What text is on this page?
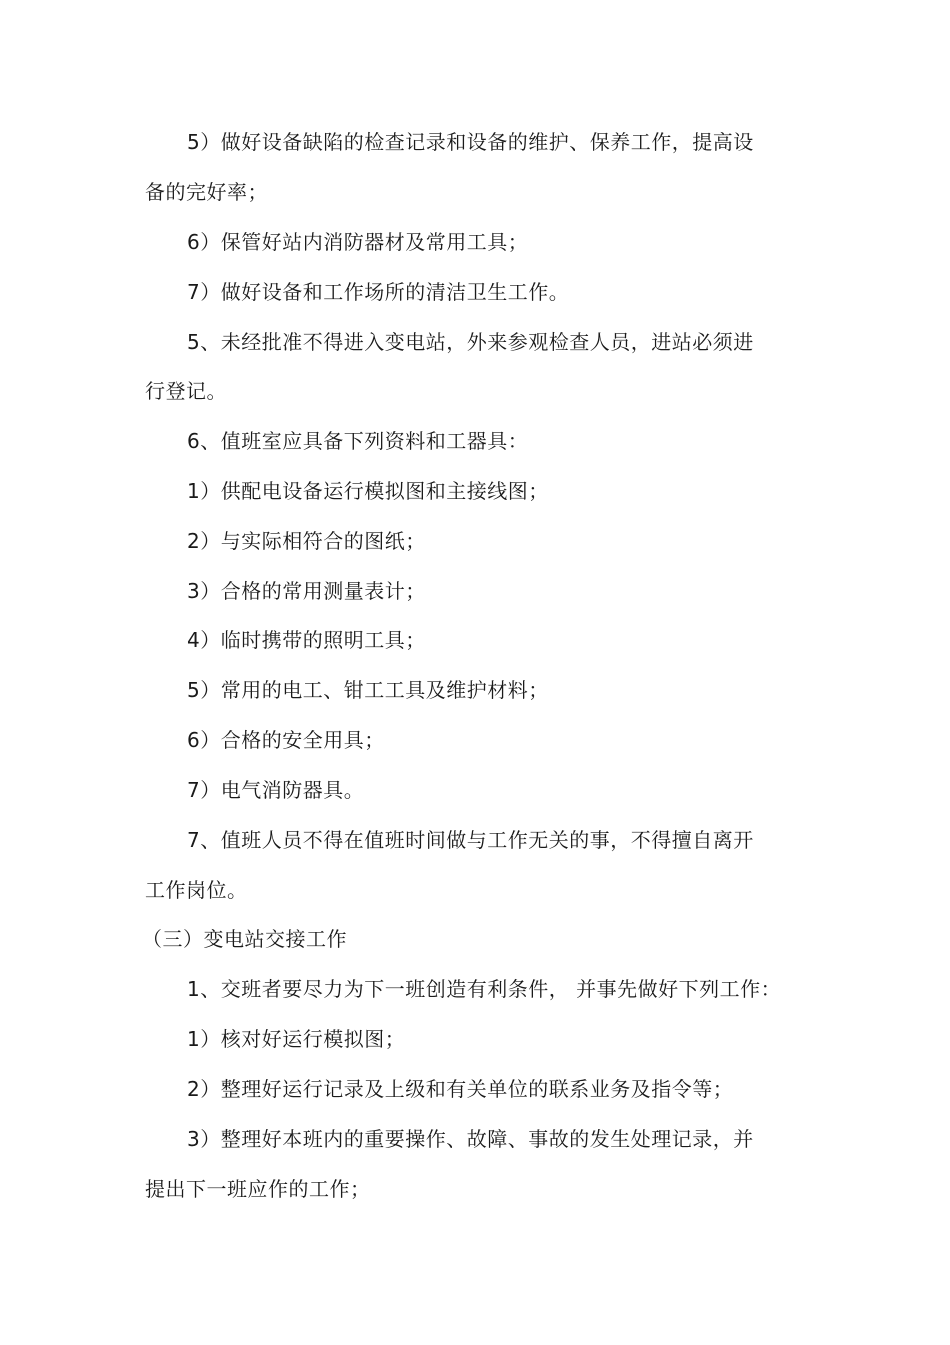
5）做好设备缺陷的检查记录和设备的维护、保养工作，提高设
备的完好率；
6）保管好站内消防器材及常用工具；
7）做好设备和工作场所的清洁卫生工作。
5、未经批准不得进入变电站，外来参观检查人员，进站必须进
行登记。
6、值班室应具备下列资料和工器具：
1）供配电设备运行模拟图和主接线图；
2）与实际相符合的图纸；
3）合格的常用测量表计；
4）临时携带的照明工具；
5）常用的电工、钳工工具及维护材料；
6）合格的安全用具；
7）电气消防器具。
7、值班人员不得在值班时间做与工作无关的事，不得擅自离开
工作岗位。
（三）变电站交接工作
1、交班者要尽力为下一班创造有利条件， 并事先做好下列工作：
1）核对好运行模拟图；
2）整理好运行记录及上级和有关单位的联系业务及指令等；
3）整理好本班内的重要操作、故障、事故的发生处理记录，并
提出下一班应作的工作；
